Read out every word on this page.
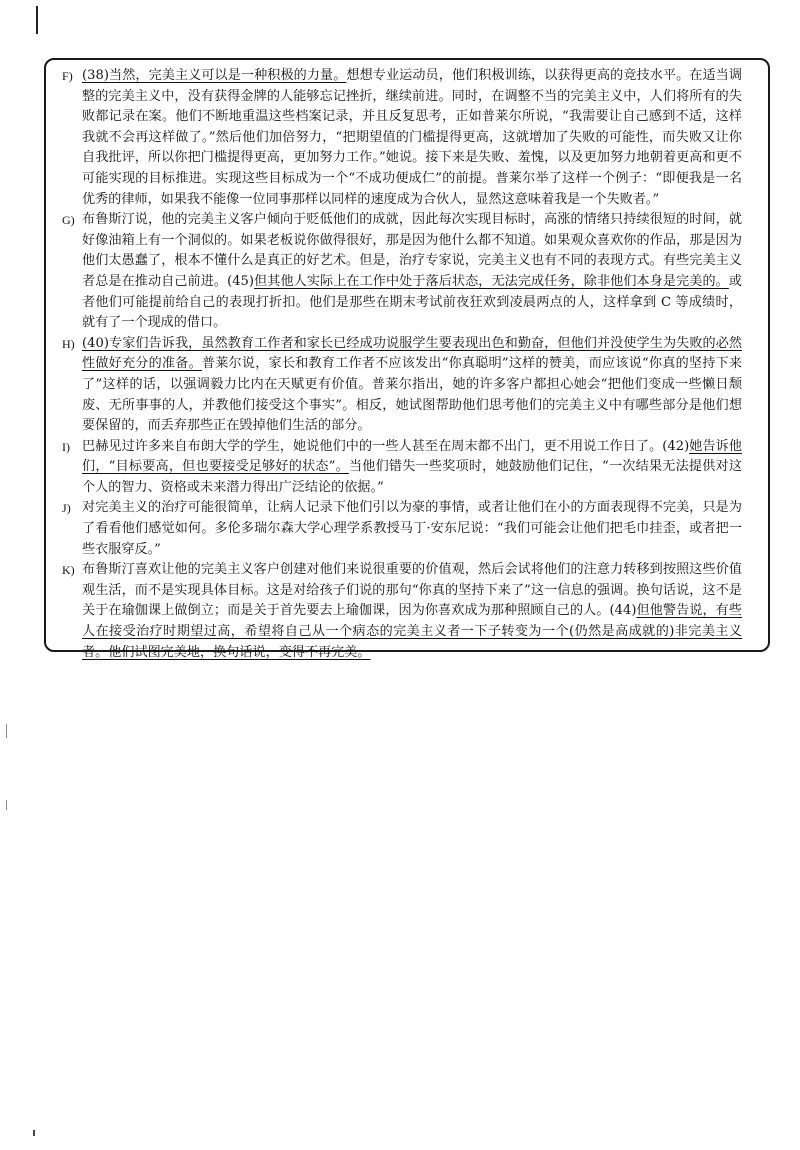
F) (38)当然，完美主义可以是一种积极的力量。想想专业运动员，他们积极训练，以获得更高的竞技水平。在适当调整的完美主义中，没有获得金牌的人能够忘记挫折，继续前进。同时，在调整不当的完美主义中，人们将所有的失败都记录在案。他们不断地重温这些档案记录，并且反复思考，正如普莱尔所说，“我需要让自己感到不适，这样我就不会再这样做了。”然后他们加倍努力，“把期望值的门槛提得更高，这就增加了失败的可能性，而失败又让你自我批评，所以你把门槛提得更高，更加努力工作。”她说。接下来是失败、羞愧，以及更加努力地朝着更高和更不可能实现的目标推进。实现这些目标成为一个“不成功便成仁”的前提。普莱尔举了这样一个例子：“即便我是一名优秀的律师，如果我不能像一位同事那样以同样的速度成为合伙人，显然这意味着我是一个失败者。”
G) 布鲁斯汀说，他的完美主义客户倾向于贬低他们的成就，因此每次实现目标时，高涨的情绪只持续很短的时间，就好像油箱上有一个洞似的。如果老板说你做得很好，那是因为他什么都不知道。如果观众喜欢你的作品，那是因为他们太愚蠢了，根本不懂什么是真正的好艺术。但是，治疗专家说，完美主义也有不同的表现方式。有些完美主义者总是在推动自己前进。(45)但其他人实际上在工作中处于落后状态，无法完成任务，除非他们本身是完美的。或者他们可能提前给自己的表现打折扣。他们是那些在期末考试前夜狂欢到凌晨两点的人，这样拿到 C 等成绩时，就有了一个现成的借口。
H) (40)专家们告诉我，虽然教育工作者和家长已经成功说服学生要表现出色和勤奋，但他们并没使学生为失败的必然性做好充分的准备。普莱尔说，家长和教育工作者不应该发出“你真聪明”这样的赞美，而应该说“你真的坚持下来了”这样的话，以强调毅力比内在天赋更有价值。普莱尔指出，她的许多客户都担心她会“把他们变成一些懒日颓废、无所事事的人，并教他们接受这个事实”。相反，她试图帮助他们思考他们的完美主义中有哪些部分是他们想要保留的，而丢弃那些正在毁掉他们生活的部分。
I) 巴赫见过许多来自布朗大学的学生，她说他们中的一些人甚至在周末都不出门，更不用说工作日了。(42)她告诉他们，“目标要高，但也要接受足够好的状态”。当他们错失一些奖项时，她鼓励他们记住，“一次结果无法提供对这个人的智力、资格或未来潜力得出广泛结论的依据。”
J) 对完美主义的治疗可能很简单，让病人记录下他们引以为豪的事情，或者让他们在小的方面表现得不完美，只是为了看看他们感觉如何。多伦多瑞尔森大学心理学系教授马丁·安东尼说：“我们可能会让他们把毛巾挂歪，或者把一些衣服穿反。”
K) 布鲁斯汀喜欢让他的完美主义客户创建对他们来说很重要的价值观，然后会试将他们的注意力转移到按照这些价值观生活，而不是实现具体目标。这是对给孩子们说的那句“你真的坚持下来了”这一信息的强调。换句话说，这不是关于在瑜伽课上做倒立；而是关于首先要去上瑜伽课，因为你喜欢成为那种照顾自己的人。(44)但他警告说，有些人在接受治疗时期望过高，希望将自己从一个病态的完美主义者一下子转变为一个(仍然是高成就的)非完美主义者。他们试图完美地，换句话说，变得不再完美。
